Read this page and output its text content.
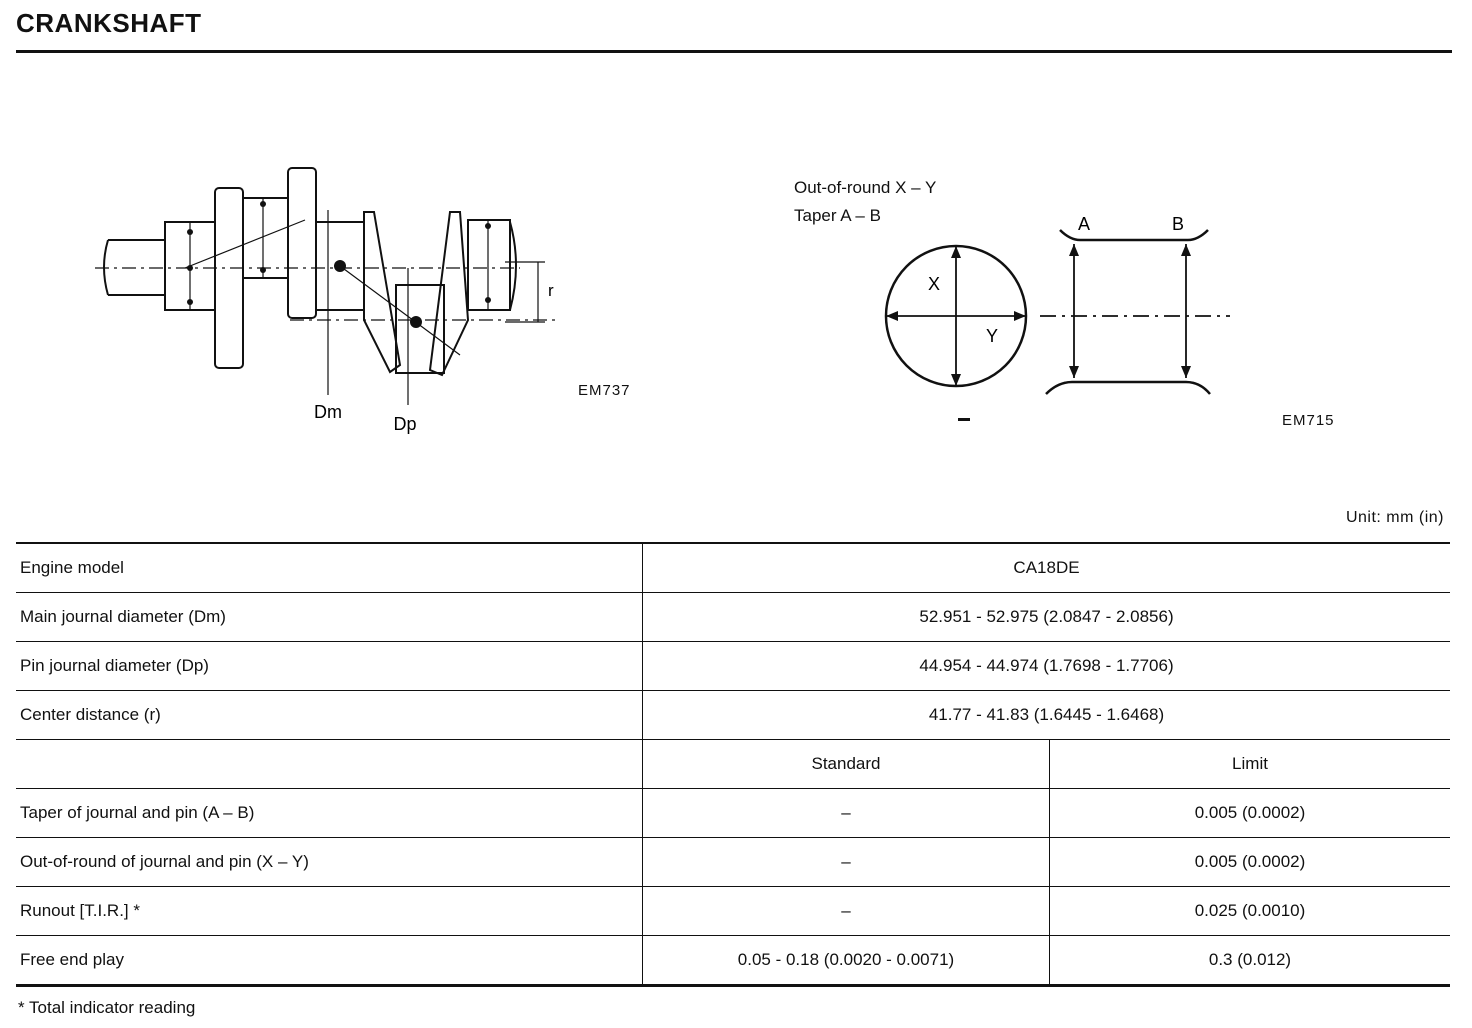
CRANKSHAFT
Dm
Dp
r
EM737
Out-of-round X – Y
Taper A – B
X
Y
A	B
EM715
Unit: mm (in)
Engine model	CA18DE	
Main journal diameter (Dm)	52.951 - 52.975 (2.0847 - 2.0856)	
Pin journal diameter (Dp)	44.954 - 44.974 (1.7698 - 1.7706)	
Center distance (r)	41.77 - 41.83 (1.6445 - 1.6468)	
	Standard	Limit
Taper of journal and pin (A – B)	–	0.005 (0.0002)
Out-of-round of journal and pin (X – Y)	–	0.005 (0.0002)
Runout [T.I.R.] *	–	0.025 (0.0010)
Free end play	0.05 - 0.18 (0.0020 - 0.0071)	0.3 (0.012)
* Total indicator reading
